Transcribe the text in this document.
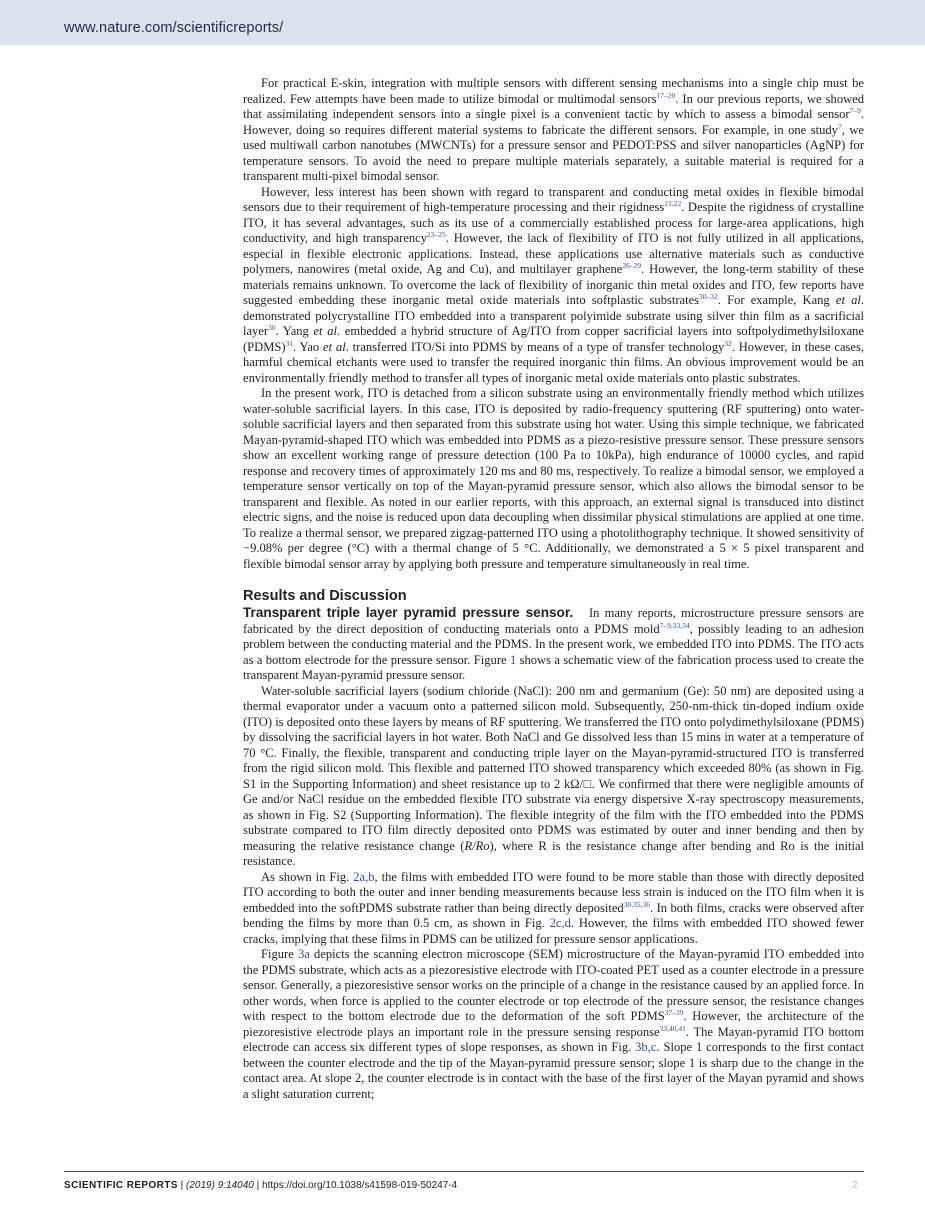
www.nature.com/scientificreports/

For practical E-skin, integration with multiple sensors with different sensing mechanisms into a single chip must be realized. Few attempts have been made to utilize bimodal or multimodal sensors$^{17-20}$. In our previous reports, we showed that assimilating independent sensors into a single pixel is a convenient tactic by which to assess a bimodal sensor$^{7-9}$. However, doing so requires different material systems to fabricate the different sensors. For example, in one study$^7$, we used multiwall carbon nanotubes (MWCNTs) for a pressure sensor and PEDOT:PSS and silver nanoparticles (AgNP) for temperature sensors. To avoid the need to prepare multiple materials separately, a suitable material is required for a transparent multi-pixel bimodal sensor.

However, less interest has been shown with regard to transparent and conducting metal oxides in flexible bimodal sensors due to their requirement of high-temperature processing and their rigidness$^{21,22}$. Despite the rigidness of crystalline ITO, it has several advantages, such as its use of a commercially established process for large-area applications, high conductivity, and high transparency$^{23-25}$. However, the lack of flexibility of ITO is not fully utilized in all applications, especial in flexible electronic applications. Instead, these applications use alternative materials such as conductive polymers, nanowires (metal oxide, Ag and Cu), and multilayer graphene$^{26-29}$. However, the long-term stability of these materials remains unknown. To overcome the lack of flexibility of inorganic thin metal oxides and ITO, few reports have suggested embedding these inorganic metal oxide materials into softplastic substrates$^{30-32}$. For example, Kang et al. demonstrated polycrystalline ITO embedded into a transparent polyimide substrate using silver thin film as a sacrificial layer$^{30}$. Yang et al. embedded a hybrid structure of Ag/ITO from copper sacrificial layers into softpolydimethylsiloxane (PDMS)$^{31}$. Yao et al. transferred ITO/Si into PDMS by means of a type of transfer technology$^{32}$. However, in these cases, harmful chemical etchants were used to transfer the required inorganic thin films. An obvious improvement would be an environmentally friendly method to transfer all types of inorganic metal oxide materials onto plastic substrates.

In the present work, ITO is detached from a silicon substrate using an environmentally friendly method which utilizes water-soluble sacrificial layers. In this case, ITO is deposited by radio-frequency sputtering (RF sputtering) onto water-soluble sacrificial layers and then separated from this substrate using hot water. Using this simple technique, we fabricated Mayan-pyramid-shaped ITO which was embedded into PDMS as a piezo-resistive pressure sensor. These pressure sensors show an excellent working range of pressure detection (100 Pa to 10kPa), high endurance of 10000 cycles, and rapid response and recovery times of approximately 120 ms and 80 ms, respectively. To realize a bimodal sensor, we employed a temperature sensor vertically on top of the Mayan-pyramid pressure sensor, which also allows the bimodal sensor to be transparent and flexible. As noted in our earlier reports, with this approach, an external signal is transduced into distinct electric signs, and the noise is reduced upon data decoupling when dissimilar physical stimulations are applied at one time. To realize a thermal sensor, we prepared zigzag-patterned ITO using a photolithography technique. It showed sensitivity of −9.08% per degree (°C) with a thermal change of 5 °C. Additionally, we demonstrated a 5 × 5 pixel transparent and flexible bimodal sensor array by applying both pressure and temperature simultaneously in real time.

Results and Discussion

Transparent triple layer pyramid pressure sensor. In many reports, microstructure pressure sensors are fabricated by the direct deposition of conducting materials onto a PDMS mold$^{7-9,33,34}$, possibly leading to an adhesion problem between the conducting material and the PDMS. In the present work, we embedded ITO into PDMS. The ITO acts as a bottom electrode for the pressure sensor. Figure 1 shows a schematic view of the fabrication process used to create the transparent Mayan-pyramid pressure sensor.

Water-soluble sacrificial layers (sodium chloride (NaCl): 200 nm and germanium (Ge): 50 nm) are deposited using a thermal evaporator under a vacuum onto a patterned silicon mold. Subsequently, 250-nm-thick tin-doped indium oxide (ITO) is deposited onto these layers by means of RF sputtering. We transferred the ITO onto polydimethylsiloxane (PDMS) by dissolving the sacrificial layers in hot water. Both NaCl and Ge dissolved less than 15 mins in water at a temperature of 70 °C. Finally, the flexible, transparent and conducting triple layer on the Mayan-pyramid-structured ITO is transferred from the rigid silicon mold. This flexible and patterned ITO showed transparency which exceeded 80% (as shown in Fig. S1 in the Supporting Information) and sheet resistance up to 2 kΩ/□. We confirmed that there were negligible amounts of Ge and/or NaCl residue on the embedded flexible ITO substrate via energy dispersive X-ray spectroscopy measurements, as shown in Fig. S2 (Supporting Information). The flexible integrity of the film with the ITO embedded into the PDMS substrate compared to ITO film directly deposited onto PDMS was estimated by outer and inner bending and then by measuring the relative resistance change (R/Ro), where R is the resistance change after bending and Ro is the initial resistance.

As shown in Fig. 2a,b, the films with embedded ITO were found to be more stable than those with directly deposited ITO according to both the outer and inner bending measurements because less strain is induced on the ITO film when it is embedded into the softPDMS substrate rather than being directly deposited$^{30,35,36}$. In both films, cracks were observed after bending the films by more than 0.5 cm, as shown in Fig. 2c,d. However, the films with embedded ITO showed fewer cracks, implying that these films in PDMS can be utilized for pressure sensor applications.

Figure 3a depicts the scanning electron microscope (SEM) microstructure of the Mayan-pyramid ITO embedded into the PDMS substrate, which acts as a piezoresistive electrode with ITO-coated PET used as a counter electrode in a pressure sensor. Generally, a piezoresistive sensor works on the principle of a change in the resistance caused by an applied force. In other words, when force is applied to the counter electrode or top electrode of the pressure sensor, the resistance changes with respect to the bottom electrode due to the deformation of the soft PDMS$^{37-39}$. However, the architecture of the piezoresistive electrode plays an important role in the pressure sensing response$^{33,40,41}$. The Mayan-pyramid ITO bottom electrode can access six different types of slope responses, as shown in Fig. 3b,c. Slope 1 corresponds to the first contact between the counter electrode and the tip of the Mayan-pyramid pressure sensor; slope 1 is sharp due to the change in the contact area. At slope 2, the counter electrode is in contact with the base of the first layer of the Mayan pyramid and shows a slight saturation current;

SCIENTIFIC REPORTS | (2019) 9:14040 | https://doi.org/10.1038/s41598-019-50247-4	2
